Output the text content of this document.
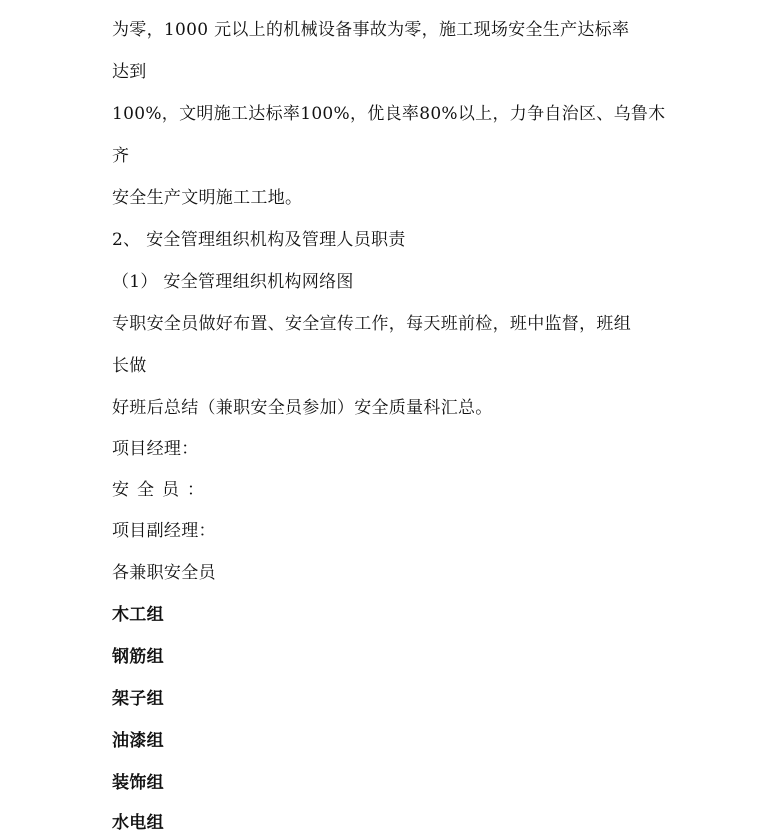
为零，1000 元以上的机械设备事故为零，施工现场安全生产达标率

达到

100%，文明施工达标率100%，优良率80%以上，力争自治区、乌鲁木

齐

安全生产文明施工工地。

2、 安全管理组织机构及管理人员职责

（1） 安全管理组织机构网络图

专职安全员做好布置、安全宣传工作，每天班前检，班中监督，班组

长做

好班后总结（兼职安全员参加）安全质量科汇总。

项目经理：

安全员：

项目副经理：

各兼职安全员

木工组

钢筋组

架子组

油漆组

装饰组

水电组
